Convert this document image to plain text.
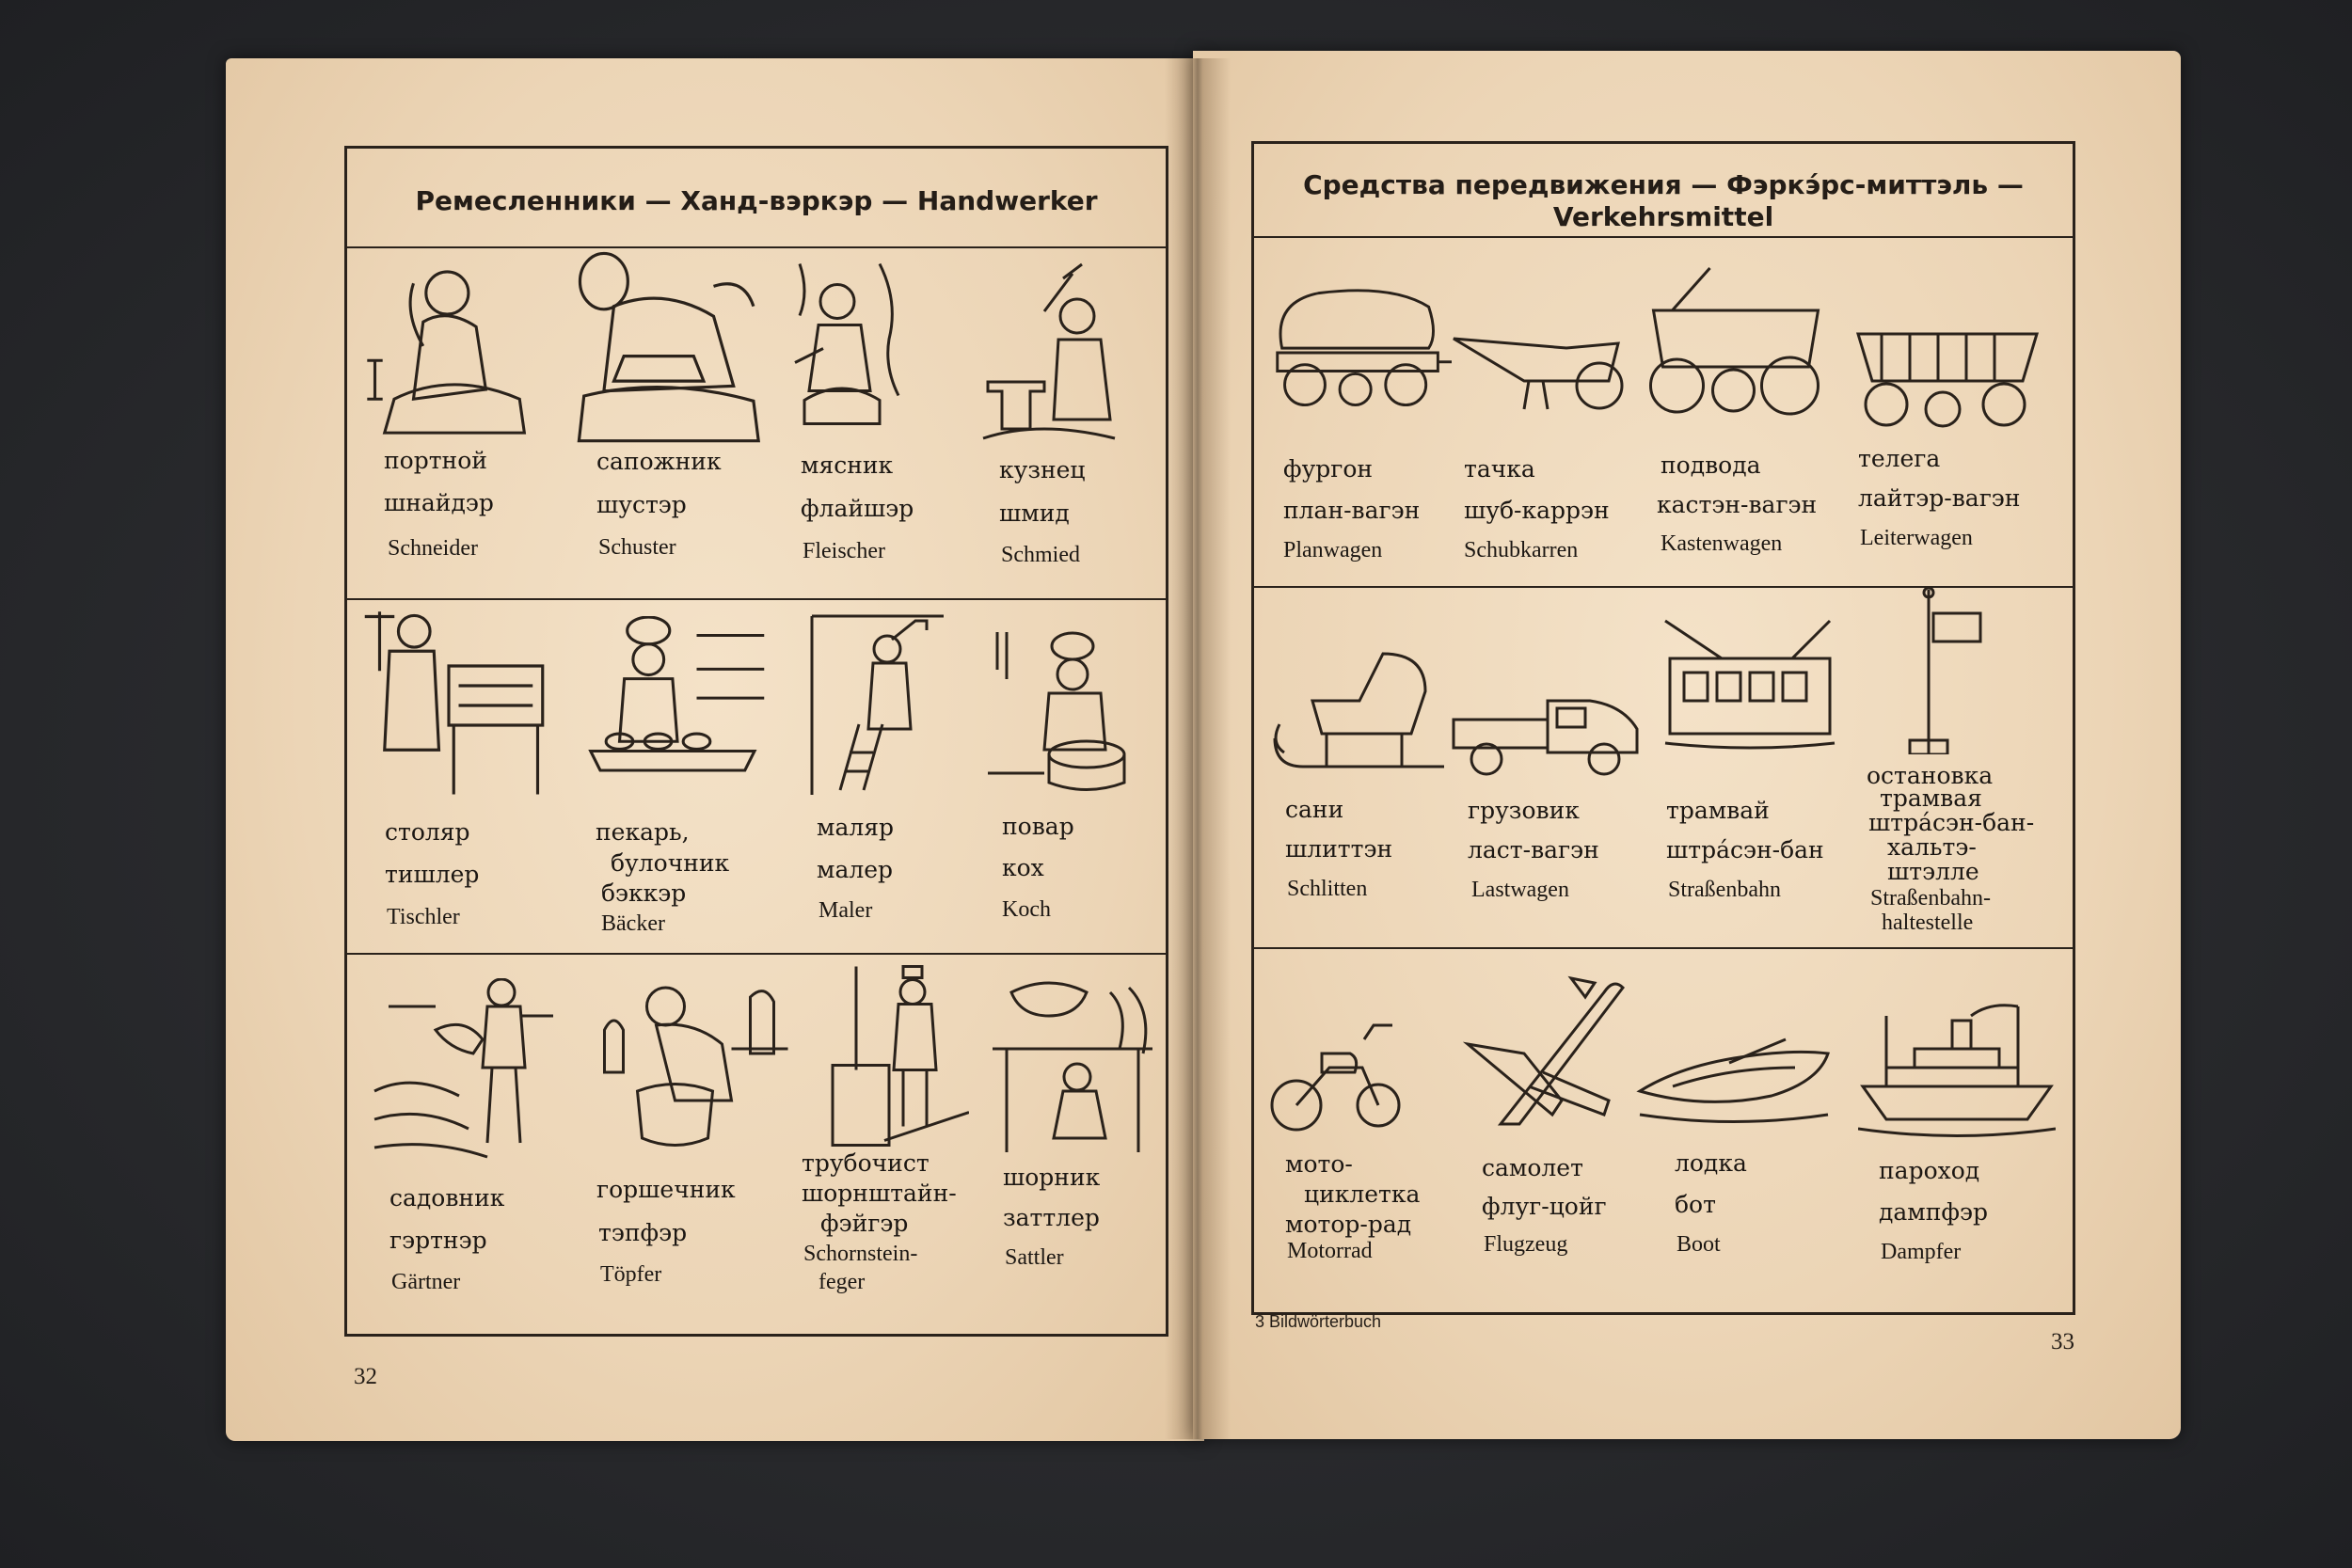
Ремесленники — Ханд-вэркэр — Handwerker
Средства передвижения — Фэркэ́рс-миттэль —
Verkehrsmittel
портной
шнайдэр
Schneider
сапожник
шустэр
Schuster
мясник
флайшэр
Fleischer
кузнец
шмид
Schmied
столяр
тишлер
Tischler
пекарь,
булочник
бэккэр
Bäcker
маляр
малер
Maler
повар
кох
Koch
садовник
гэртнэр
Gärtner
горшечник
тэпфэр
Töpfer
трубочист
шорнштайн-
фэйгэр
Schornstein-
feger
шорник
заттлер
Sattler
32
фургон
план-вагэн
Planwagen
тачка
шуб-каррэн
Schubkarren
подвода
кастэн-вагэн
Kastenwagen
телега
лайтэр-вагэн
Leiterwagen
сани
шлиттэн
Schlitten
грузовик
ласт-вагэн
Lastwagen
трамвай
штра́сэн-бан
Straßenbahn
остановка
трамвая
штра́сэн-бан-
хальтэ-
штэлле
Straßenbahn-
haltestelle
мото-
циклетка
мотор-рад
Motorrad
самолет
флуг-цойг
Flugzeug
лодка
бот
Boot
пароход
дампфэр
Dampfer
3 Bildwörterbuch
33
